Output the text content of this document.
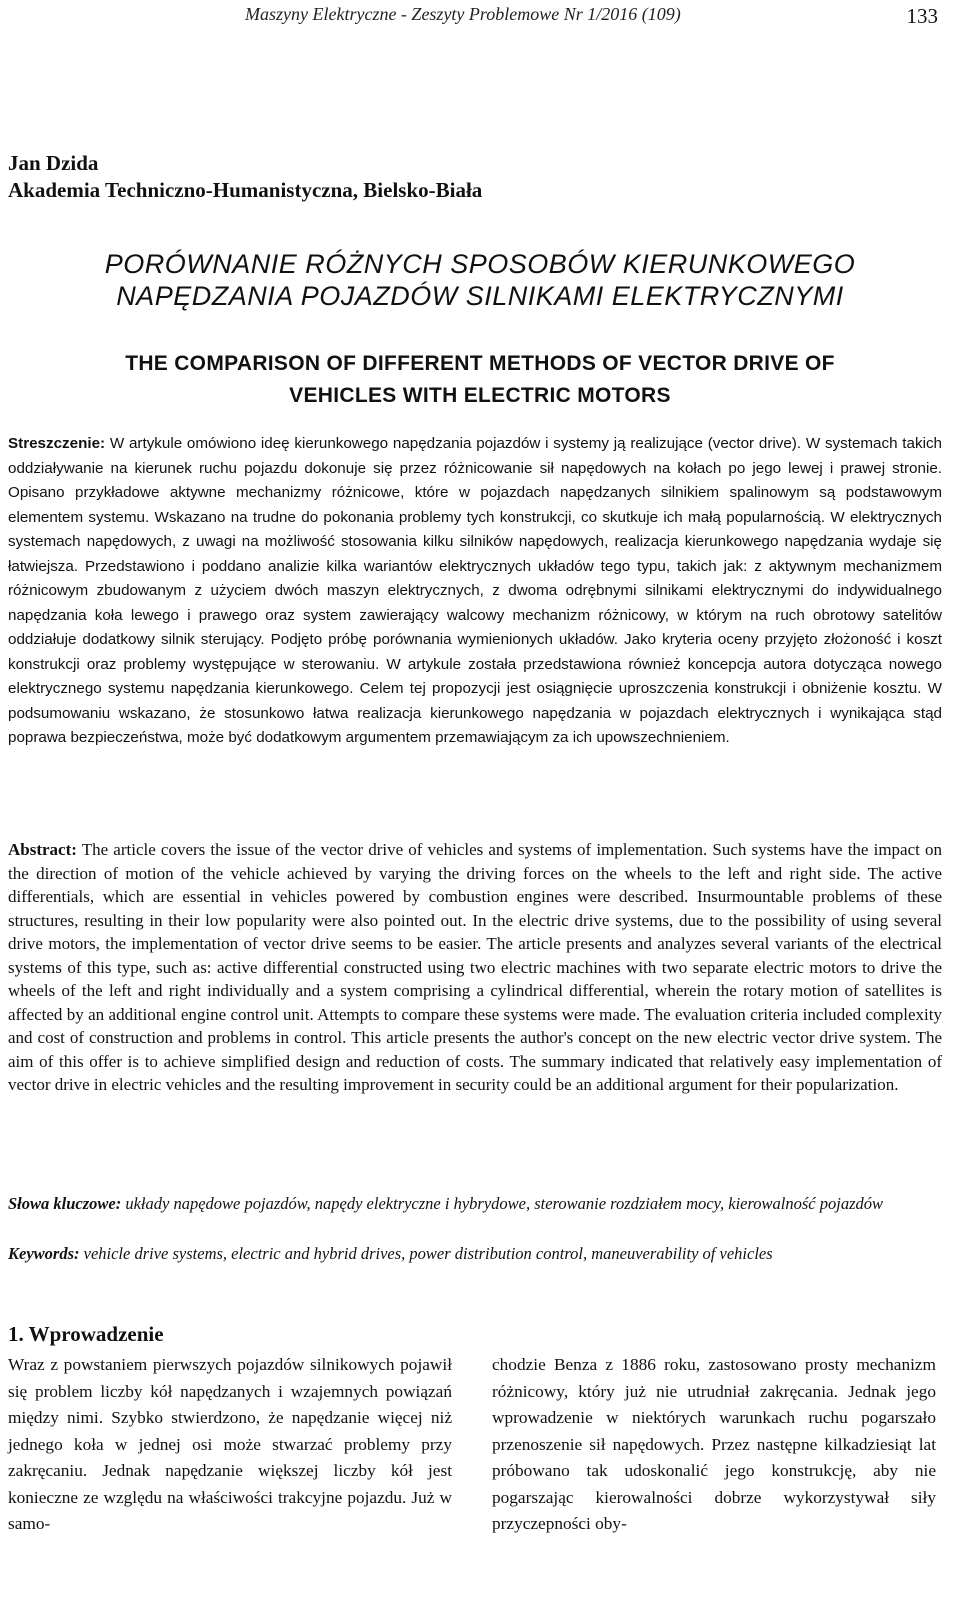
Maszyny Elektryczne - Zeszyty Problemowe Nr 1/2016 (109)	133
Jan Dzida
Akademia Techniczno-Humanistyczna, Bielsko-Biała
PORÓWNANIE RÓŻNYCH SPOSOBÓW KIERUNKOWEGO
NAPĘDZANIA POJAZDÓW SILNIKAMI ELEKTRYCZNYMI
THE COMPARISON OF DIFFERENT METHODS OF VECTOR DRIVE OF
VEHICLES WITH ELECTRIC MOTORS
Streszczenie: W artykule omówiono ideę kierunkowego napędzania pojazdów i systemy ją realizujące (vector drive). W systemach takich oddziaływanie na kierunek ruchu pojazdu dokonuje się przez różnicowanie sił napędowych na kołach po jego lewej i prawej stronie. Opisano przykładowe aktywne mechanizmy różnicowe, które w pojazdach napędzanych silnikiem spalinowym są podstawowym elementem systemu. Wskazano na trudne do pokonania problemy tych konstrukcji, co skutkuje ich małą popularnością. W elektrycznych systemach napędowych, z uwagi na możliwość stosowania kilku silników napędowych, realizacja kierunkowego napędzania wydaje się łatwiejsza. Przedstawiono i poddano analizie kilka wariantów elektrycznych układów tego typu, takich jak: z aktywnym mechanizmem różnicowym zbudowanym z użyciem dwóch maszyn elektrycznych, z dwoma odrębnymi silnikami elektrycznymi do indywidualnego napędzania koła lewego i prawego oraz system zawierający walcowy mechanizm różnicowy, w którym na ruch obrotowy satelitów oddziałuje dodatkowy silnik sterujący. Podjęto próbę porównania wymienionych układów. Jako kryteria oceny przyjęto złożoność i koszt konstrukcji oraz problemy występujące w sterowaniu. W artykule została przedstawiona również koncepcja autora dotycząca nowego elektrycznego systemu napędzania kierunkowego. Celem tej propozycji jest osiągnięcie uproszczenia konstrukcji i obniżenie kosztu. W podsumowaniu wskazano, że stosunkowo łatwa realizacja kierunkowego napędzania w pojazdach elektrycznych i wynikająca stąd poprawa bezpieczeństwa, może być dodatkowym argumentem przemawiającym za ich upowszechnieniem.
Abstract: The article covers the issue of the vector drive of vehicles and systems of implementation. Such systems have the impact on the direction of motion of the vehicle achieved by varying the driving forces on the wheels to the left and right side. The active differentials, which are essential in vehicles powered by combustion engines were described. Insurmountable problems of these structures, resulting in their low popularity were also pointed out. In the electric drive systems, due to the possibility of using several drive motors, the implementation of vector drive seems to be easier. The article presents and analyzes several variants of the electrical systems of this type, such as: active differential constructed using two electric machines with two separate electric motors to drive the wheels of the left and right individually and a system comprising a cylindrical differential, wherein the rotary motion of satellites is affected by an additional engine control unit. Attempts to compare these systems were made. The evaluation criteria included complexity and cost of construction and problems in control. This article presents the author's concept on the new electric vector drive system. The aim of this offer is to achieve simplified design and reduction of costs. The summary indicated that relatively easy implementation of vector drive in electric vehicles and the resulting improvement in security could be an additional argument for their popularization.
Słowa kluczowe: układy napędowe pojazdów, napędy elektryczne i hybrydowe, sterowanie rozdziałem mocy, kierowalność pojazdów
Keywords: vehicle drive systems, electric and hybrid drives, power distribution control, maneuverability of vehicles
1. Wprowadzenie
Wraz z powstaniem pierwszych pojazdów silnikowych pojawił się problem liczby kół napędzanych i wzajemnych powiązań między nimi. Szybko stwierdzono, że napędzanie więcej niż jednego koła w jednej osi może stwarzać problemy przy zakręcaniu. Jednak napędzanie większej liczby kół jest konieczne ze względu na właściwości trakcyjne pojazdu. Już w samo-
chodzie Benza z 1886 roku, zastosowano prosty mechanizm różnicowy, który już nie utrudniał zakręcania. Jednak jego wprowadzenie w niektórych warunkach ruchu pogarszało przenoszenie sił napędowych. Przez następne kilkadziesiąt lat próbowano tak udoskonalić jego konstrukcję, aby nie pogarszając kierowalności dobrze wykorzystywał siły przyczepności oby-
